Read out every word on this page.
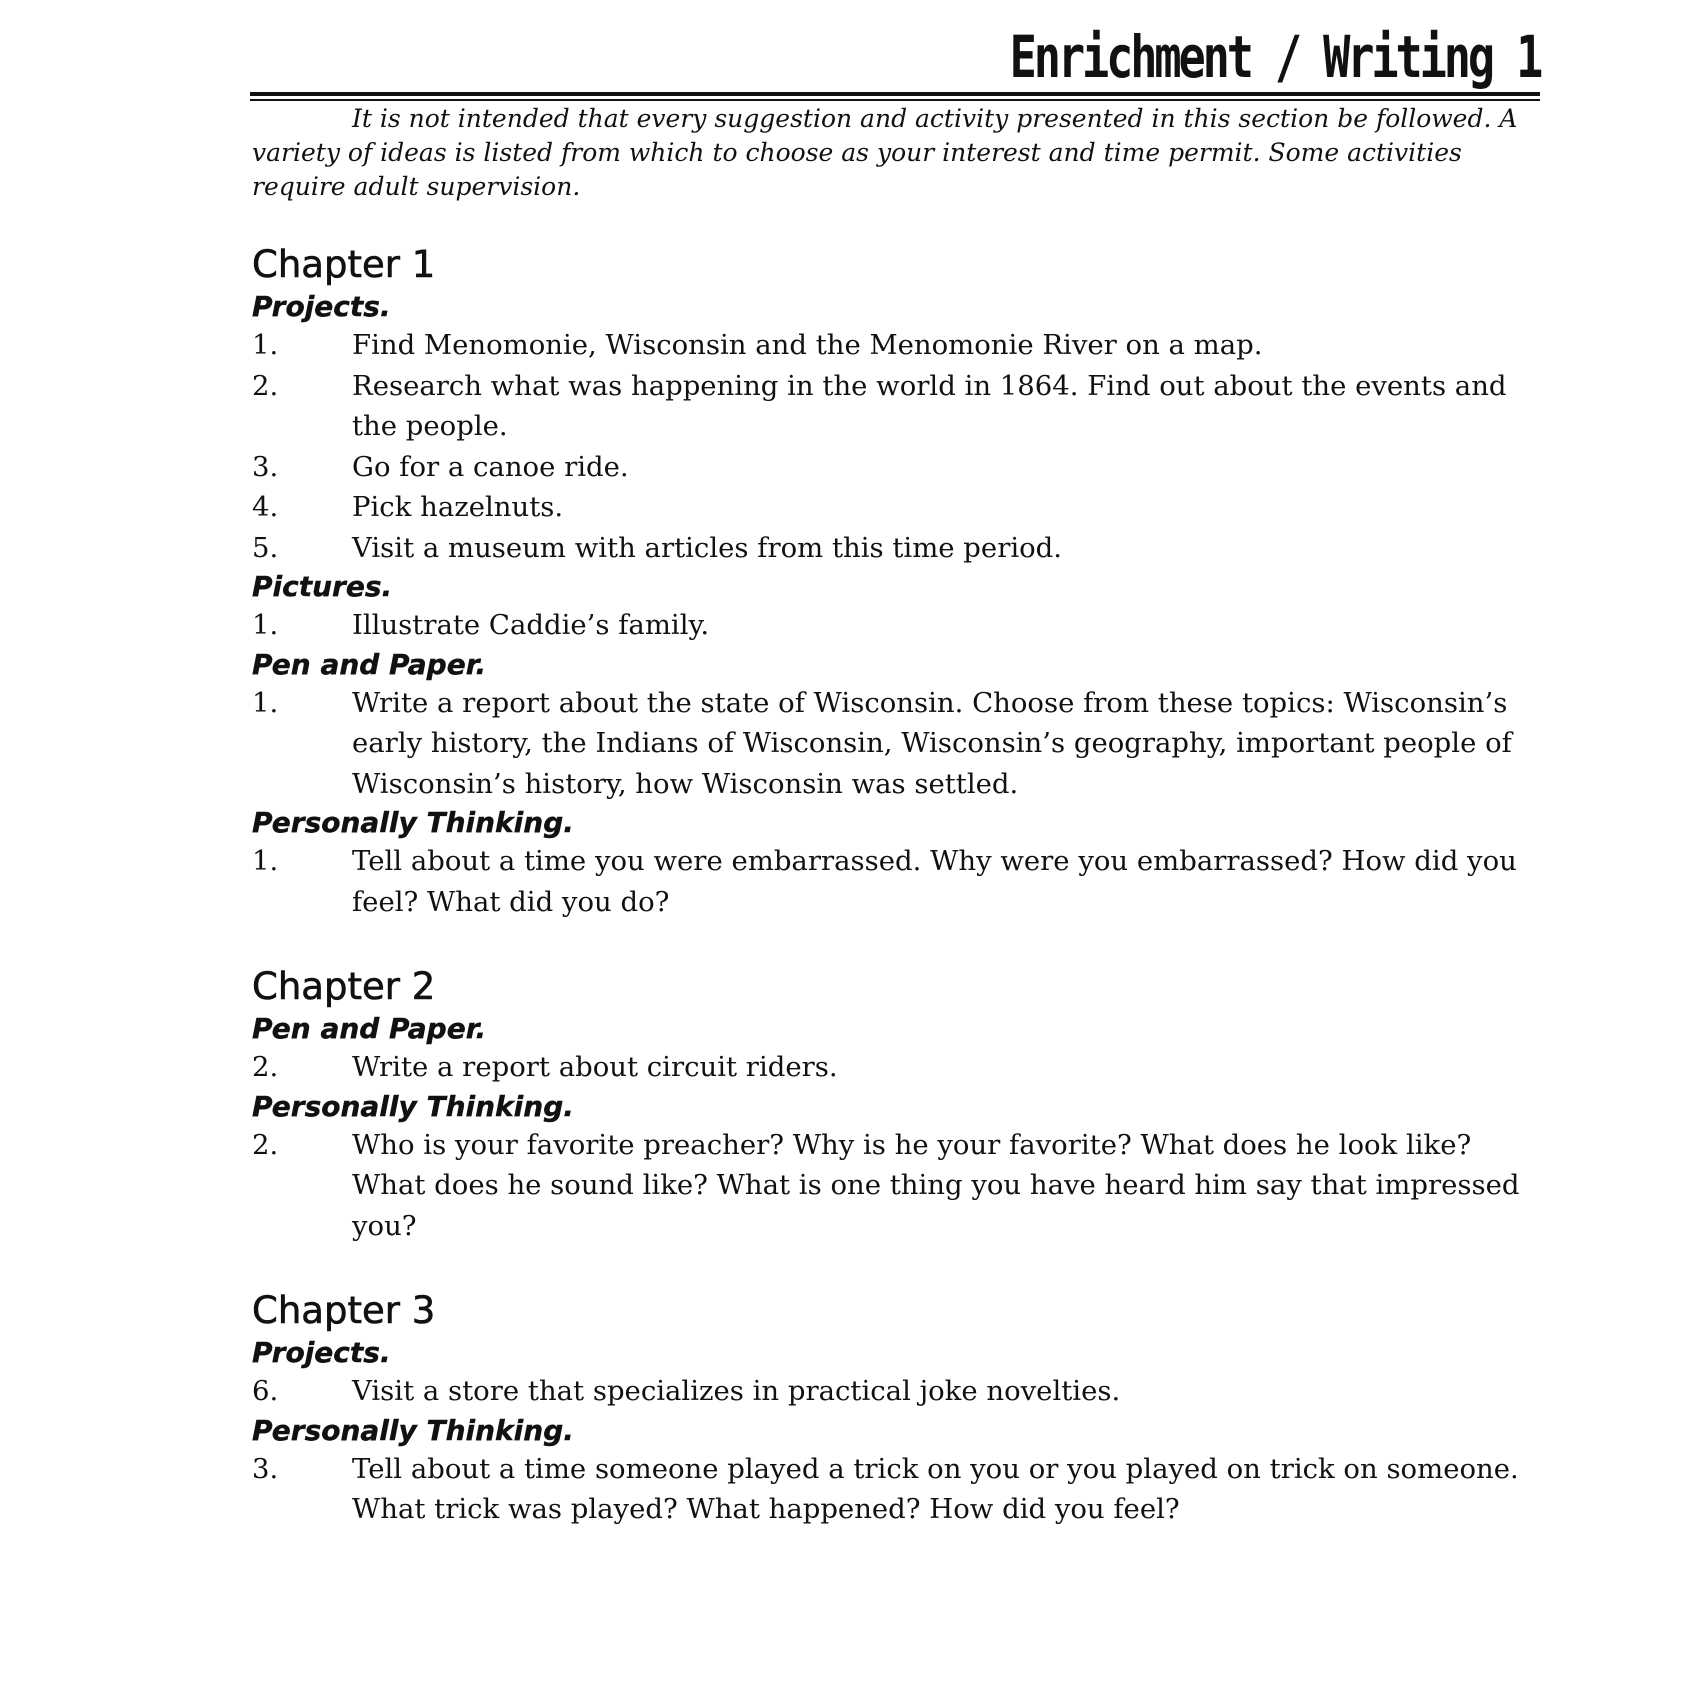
Enrichment / Writing 1

It is not intended that every suggestion and activity presented in this section be followed. A variety of ideas is listed from which to choose as your interest and time permit. Some activities require adult supervision.

Chapter 1
Projects.
1.	Find Menomonie, Wisconsin and the Menomonie River on a map.
2.	Research what was happening in the world in 1864. Find out about the events and the people.
3.	Go for a canoe ride.
4.	Pick hazelnuts.
5.	Visit a museum with articles from this time period.
Pictures.
1.	Illustrate Caddie’s family.
Pen and Paper.
1.	Write a report about the state of Wisconsin. Choose from these topics: Wisconsin’s early history, the Indians of Wisconsin, Wisconsin’s geography, important people of Wisconsin’s history, how Wisconsin was settled.
Personally Thinking.
1.	Tell about a time you were embarrassed. Why were you embarrassed? How did you feel? What did you do?
Chapter 2
Pen and Paper.
2.	Write a report about circuit riders.
Personally Thinking.
2.	Who is your favorite preacher? Why is he your favorite? What does he look like? What does he sound like? What is one thing you have heard him say that impressed you?
Chapter 3
Projects.
6.	Visit a store that specializes in practical joke novelties.
Personally Thinking.
3.	Tell about a time someone played a trick on you or you played on trick on someone. What trick was played? What happened? How did you feel?
